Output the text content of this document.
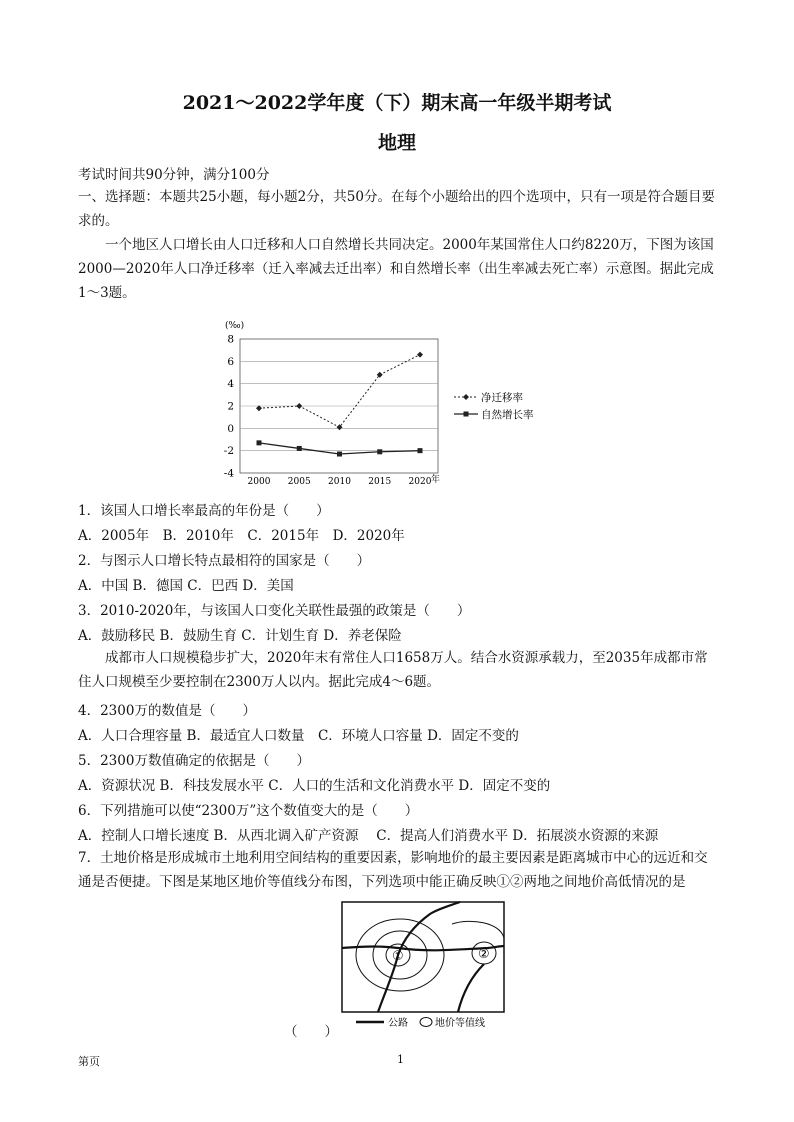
2021～2022学年度（下）期末高一年级半期考试
地理
考试时间共90分钟，满分100分
一、选择题：本题共25小题，每小题2分，共50分。在每个小题给出的四个选项中，只有一项是符合题目要求的。
一个地区人口增长由人口迁移和人口自然增长共同决定。2000年某国常住人口约8220万，下图为该国2000—2020年人口净迁移率（迁入率减去迁出率）和自然增长率（出生率减去死亡率）示意图。据此完成1～3题。
(‰)
8
6
4
2
0
-2
-4
2000 2005 2010 2015 2020 年
净迁移率
自然增长率
1．该国人口增长率最高的年份是（　　）
A．2005年　B．2010年　C．2015年　D．2020年
2．与图示人口增长特点最相符的国家是（　　）
A．中国 B．德国 C．巴西 D．美国
3．2010-2020年，与该国人口变化关联性最强的政策是（　　）
A．鼓励移民 B．鼓励生育 C．计划生育 D．养老保险
成都市人口规模稳步扩大，2020年末有常住人口1658万人。结合水资源承载力，至2035年成都市常住人口规模至少要控制在2300万人以内。据此完成4～6题。
4．2300万的数值是（　　）
A．人口合理容量 B．最适宜人口数量　C．环境人口容量 D．固定不变的
5．2300万数值确定的依据是（　　）
A．资源状况 B．科技发展水平 C．人口的生活和文化消费水平 D．固定不变的
6．下列措施可以使“2300万”这个数值变大的是（　　）
A．控制人口增长速度 B．从西北调入矿产资源　 C．提高人们消费水平 D．拓展淡水资源的来源
7．土地价格是形成城市土地利用空间结构的重要因素，影响地价的最主要因素是距离城市中心的远近和交通是否便捷。下图是某地区地价等值线分布图，下列选项中能正确反映①②两地之间地价高低情况的是
①	②
公路	地价等值线
（　　）
第页	1
